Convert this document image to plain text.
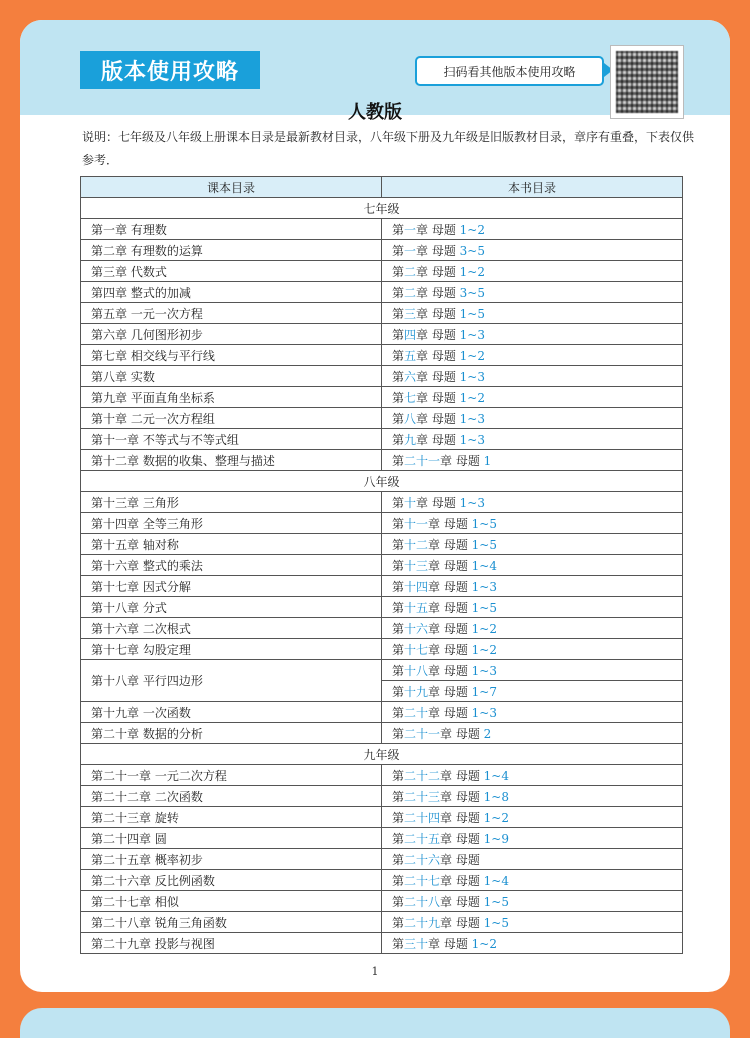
版本使用攻略	扫码看其他版本使用攻略
人教版
说明：七年级及八年级上册课本目录是最新教材目录，八年级下册及九年级是旧版教材目录，章序有重叠，下表仅供参考．
课本目录	本书目录
七年级	
第一章 有理数	第一章 母题 1~2
第二章 有理数的运算	第一章 母题 3~5
第三章 代数式	第二章 母题 1~2
第四章 整式的加减	第二章 母题 3~5
第五章 一元一次方程	第三章 母题 1~5
第六章 几何图形初步	第四章 母题 1~3
第七章 相交线与平行线	第五章 母题 1~2
第八章 实数	第六章 母题 1~3
第九章 平面直角坐标系	第七章 母题 1~2
第十章 二元一次方程组	第八章 母题 1~3
第十一章 不等式与不等式组	第九章 母题 1~3
第十二章 数据的收集、整理与描述	第二十一章 母题 1
八年级	
第十三章 三角形	第十章 母题 1~3
第十四章 全等三角形	第十一章 母题 1~5
第十五章 轴对称	第十二章 母题 1~5
第十六章 整式的乘法	第十三章 母题 1~4
第十七章 因式分解	第十四章 母题 1~3
第十八章 分式	第十五章 母题 1~5
第十六章 二次根式	第十六章 母题 1~2
第十七章 勾股定理	第十七章 母题 1~2
第十八章 平行四边形	第十八章 母题 1~3
	第十九章 母题 1~7
第十九章 一次函数	第二十章 母题 1~3
第二十章 数据的分析	第二十一章 母题 2
九年级	
第二十一章 一元二次方程	第二十二章 母题 1~4
第二十二章 二次函数	第二十三章 母题 1~8
第二十三章 旋转	第二十四章 母题 1~2
第二十四章 圆	第二十五章 母题 1~9
第二十五章 概率初步	第二十六章 母题
第二十六章 反比例函数	第二十七章 母题 1~4
第二十七章 相似	第二十八章 母题 1~5
第二十八章 锐角三角函数	第二十九章 母题 1~5
第二十九章 投影与视图	第三十章 母题 1~2
1
